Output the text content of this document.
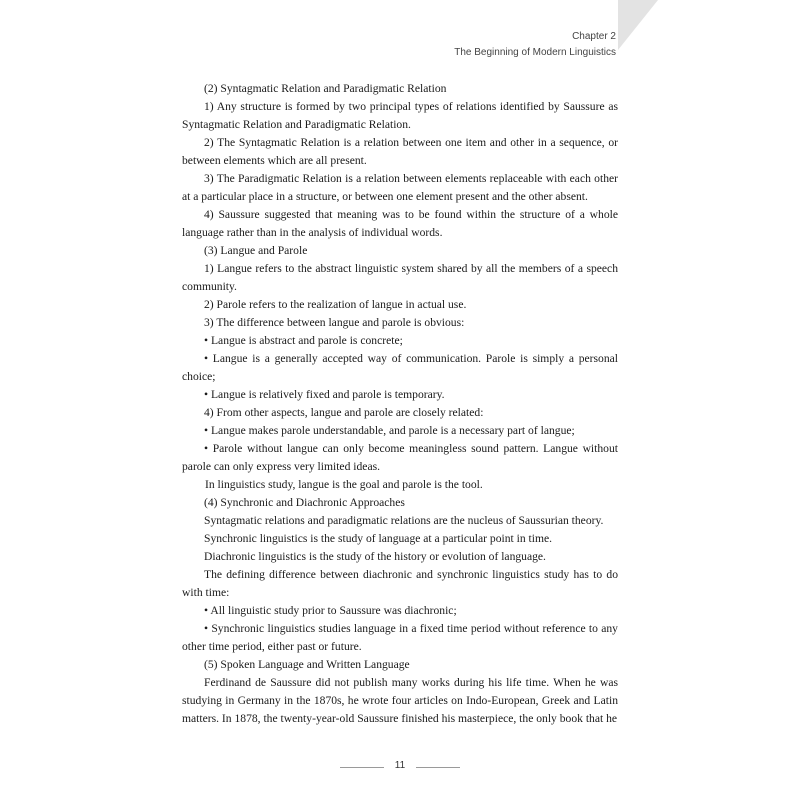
Chapter 2
The Beginning of Modern Linguistics

(2) Syntagmatic Relation and Paradigmatic Relation

1) Any structure is formed by two principal types of relations identified by Saussure as Syntagmatic Relation and Paradigmatic Relation.

2) The Syntagmatic Relation is a relation between one item and other in a sequence, or between elements which are all present.

3) The Paradigmatic Relation is a relation between elements replaceable with each other at a particular place in a structure, or between one element present and the other absent.

4) Saussure suggested that meaning was to be found within the structure of a whole language rather than in the analysis of individual words.

(3) Langue and Parole

1) Langue refers to the abstract linguistic system shared by all the members of a speech community.

2) Parole refers to the realization of langue in actual use.

3) The difference between langue and parole is obvious:

• Langue is abstract and parole is concrete;

• Langue is a generally accepted way of communication. Parole is simply a personal choice;

• Langue is relatively fixed and parole is temporary.

4) From other aspects, langue and parole are closely related:

• Langue makes parole understandable, and parole is a necessary part of langue;

• Parole without langue can only become meaningless sound pattern. Langue without parole can only express very limited ideas.

In linguistics study, langue is the goal and parole is the tool.

(4) Synchronic and Diachronic Approaches

Syntagmatic relations and paradigmatic relations are the nucleus of Saussurian theory.

Synchronic linguistics is the study of language at a particular point in time.

Diachronic linguistics is the study of the history or evolution of language.

The defining difference between diachronic and synchronic linguistics study has to do with time:

• All linguistic study prior to Saussure was diachronic;

• Synchronic linguistics studies language in a fixed time period without reference to any other time period, either past or future.

(5) Spoken Language and Written Language

Ferdinand de Saussure did not publish many works during his life time. When he was studying in Germany in the 1870s, he wrote four articles on Indo-European, Greek and Latin matters. In 1878, the twenty-year-old Saussure finished his masterpiece, the only book that he

11
